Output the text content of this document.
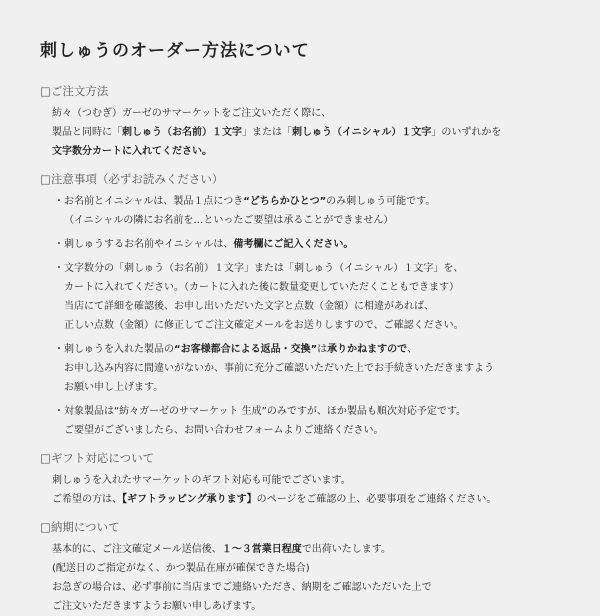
刺しゅうのオーダー方法について
□ご注文方法
紡々（つむぎ）ガーゼのサマーケットをご注文いただく際に、
製品と同時に「刺しゅう（お名前）１文字」または「刺しゅう（イニシャル）１文字」のいずれかを
文字数分カートに入れてください。
□注意事項（必ずお読みください）
・お名前とイニシャルは、製品１点につき“どちらかひとつ”のみ刺しゅう可能です。
（イニシャルの隣にお名前を…といったご要望は承ることができません）
・刺しゅうするお名前やイニシャルは、備考欄にご記入ください。
・文字数分の「刺しゅう（お名前）１文字」または「刺しゅう（イニシャル）１文字」を、
カートに入れてください。（カートに入れた後に数量変更していただくこともできます）
当店にて詳細を確認後、お申し出いただいた文字と点数（金額）に相違があれば、
正しい点数（金額）に修正してご注文確定メールをお送りしますので、ご確認ください。
・刺しゅうを入れた製品の“お客様都合による返品・交換”は承りかねますので、
お申し込み内容に間違いがないか、事前に充分ご確認いただいた上でお手続きいただきますよう
お願い申し上げます。
・対象製品は“紡々ガーゼのサマーケット 生成”のみですが、ほか製品も順次対応予定です。
ご要望がございましたら、お問い合わせフォームよりご連絡ください。
□ギフト対応について
刺しゅうを入れたサマーケットのギフト対応も可能でございます。
ご希望の方は、【ギフトラッピング承ります】のページをご確認の上、必要事項をご連絡ください。
□納期について
基本的に、ご注文確定メール送信後、１～３営業日程度で出荷いたします。
(配送日のご指定がなく、かつ製品在庫が確保できた場合)
お急ぎの場合は、必ず事前に当店までご連絡いただき、納期をご確認いただいた上で
ご注文いただきますようお願い申しあげます。
